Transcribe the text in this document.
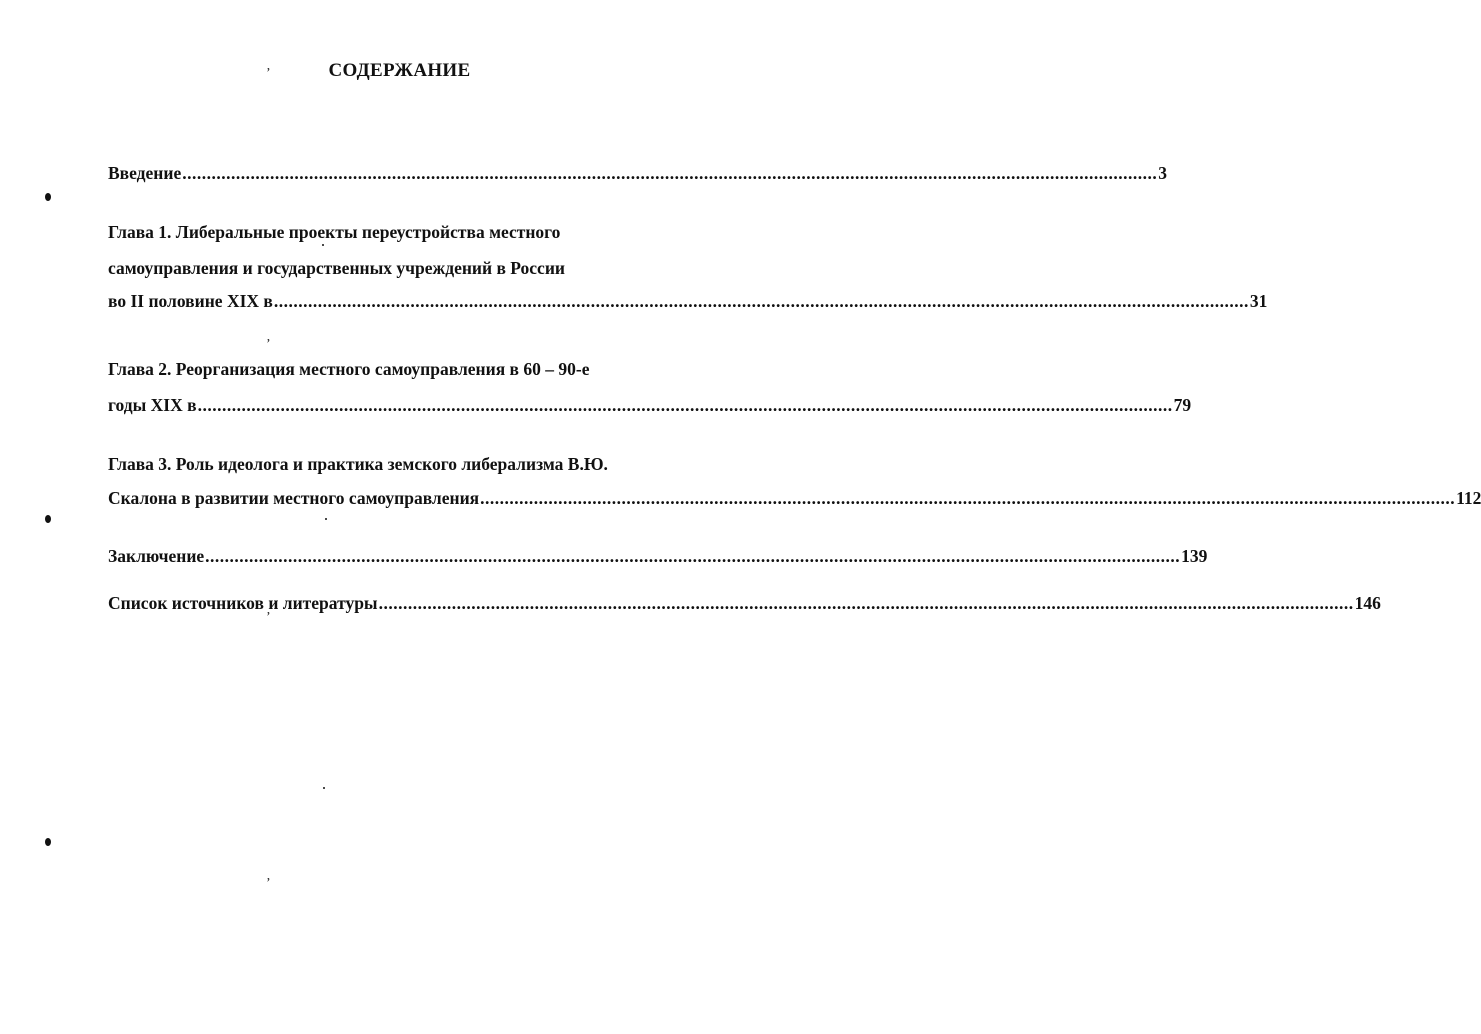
СОДЕРЖАНИЕ
Введение ........................................................................................................................................................................................................ 3
Глава 1. Либеральные проекты переустройства местного
самоуправления и государственных учреждений в России
во II половине XIX в ........................................................................................................................................................................................................ 31
Глава 2. Реорганизация местного самоуправления в 60 – 90-е
годы XIX в ........................................................................................................................................................................................................ 79
Глава 3. Роль идеолога и практика земского либерализма В.Ю.
Скалона в развитии местного самоуправления ........................................................................................................................................................................................................ 112
Заключение ........................................................................................................................................................................................................ 139
Список источников и литературы ........................................................................................................................................................................................................ 146
ʼ
ʼ
ʼ
ʼ
